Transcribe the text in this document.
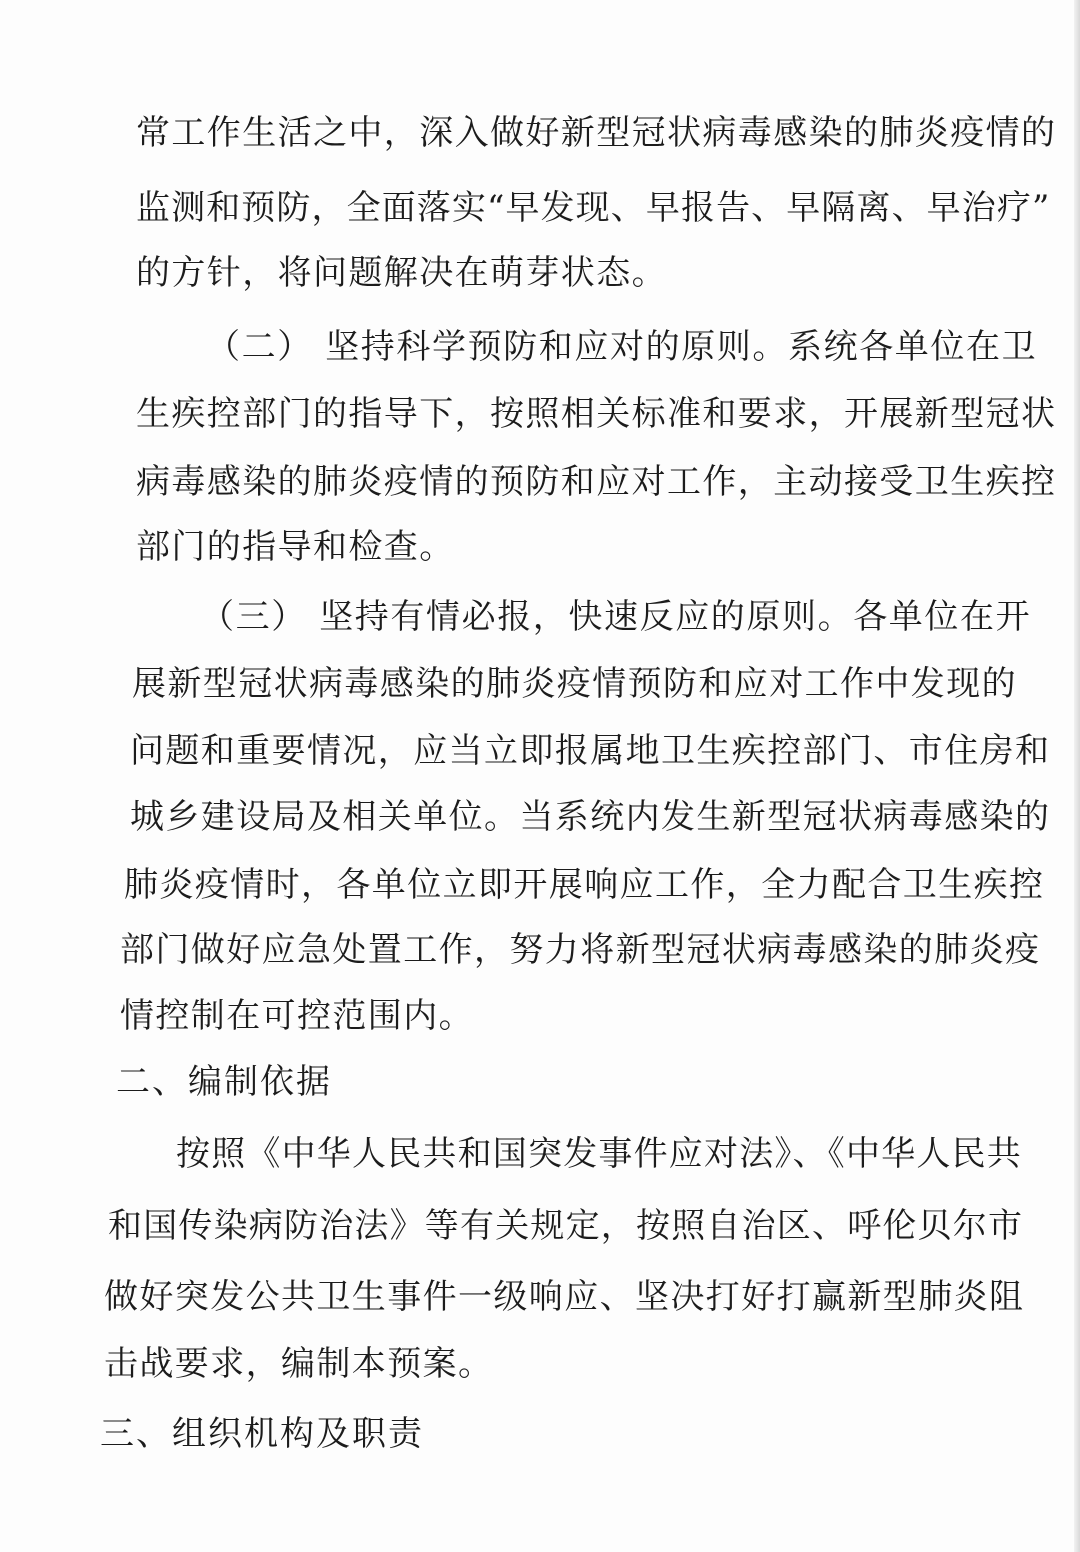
常工作生活之中，深入做好新型冠状病毒感染的肺炎疫情的

监测和预防，全面落实“早发现、早报告、早隔离、早治疗”

的方针，将问题解决在萌芽状态。

（二） 坚持科学预防和应对的原则。系统各单位在卫

生疾控部门的指导下，按照相关标准和要求，开展新型冠状

病毒感染的肺炎疫情的预防和应对工作，主动接受卫生疾控

部门的指导和检查。

（三） 坚持有情必报，快速反应的原则。各单位在开

展新型冠状病毒感染的肺炎疫情预防和应对工作中发现的

问题和重要情况，应当立即报属地卫生疾控部门、市住房和

城乡建设局及相关单位。当系统内发生新型冠状病毒感染的

肺炎疫情时，各单位立即开展响应工作，全力配合卫生疾控

部门做好应急处置工作，努力将新型冠状病毒感染的肺炎疫

情控制在可控范围内。

二、编制依据

按照《中华人民共和国突发事件应对法》、《中华人民共

和国传染病防治法》等有关规定，按照自治区、呼伦贝尔市

做好突发公共卫生事件一级响应、坚决打好打赢新型肺炎阻

击战要求，编制本预案。

三、组织机构及职责
